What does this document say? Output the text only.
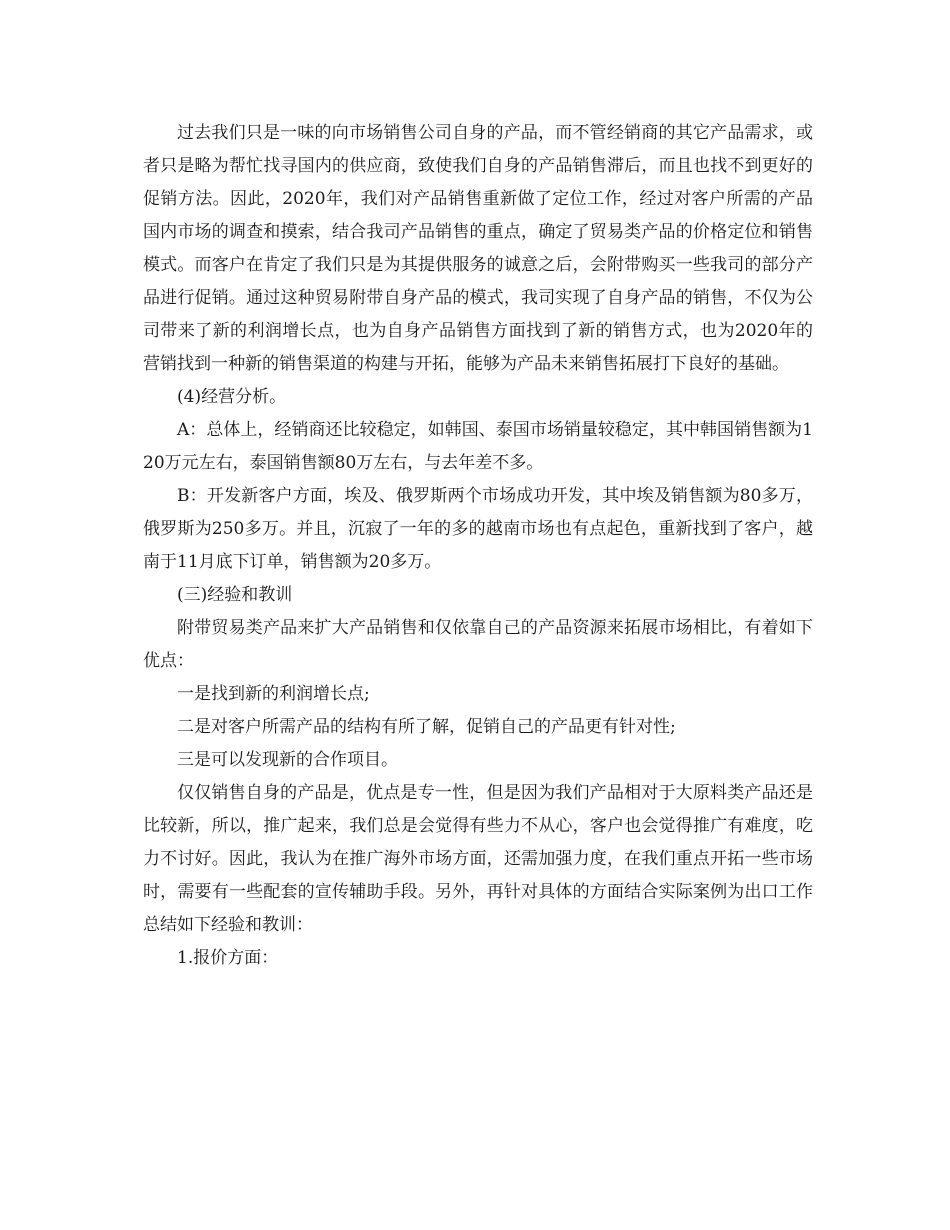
过去我们只是一味的向市场销售公司自身的产品，而不管经销商的其它产品需求，或者只是略为帮忙找寻国内的供应商，致使我们自身的产品销售滞后，而且也找不到更好的促销方法。因此，2020年，我们对产品销售重新做了定位工作，经过对客户所需的产品国内市场的调查和摸索，结合我司产品销售的重点，确定了贸易类产品的价格定位和销售模式。而客户在肯定了我们只是为其提供服务的诚意之后，会附带购买一些我司的部分产品进行促销。通过这种贸易附带自身产品的模式，我司实现了自身产品的销售，不仅为公司带来了新的利润增长点，也为自身产品销售方面找到了新的销售方式，也为2020年的营销找到一种新的销售渠道的构建与开拓，能够为产品未来销售拓展打下良好的基础。

(4)经营分析。

A：总体上，经销商还比较稳定，如韩国、泰国市场销量较稳定，其中韩国销售额为120万元左右，泰国销售额80万左右，与去年差不多。

B：开发新客户方面，埃及、俄罗斯两个市场成功开发，其中埃及销售额为80多万，俄罗斯为250多万。并且，沉寂了一年的多的越南市场也有点起色，重新找到了客户，越南于11月底下订单，销售额为20多万。

(三)经验和教训

附带贸易类产品来扩大产品销售和仅依靠自己的产品资源来拓展市场相比，有着如下优点：

一是找到新的利润增长点;

二是对客户所需产品的结构有所了解，促销自己的产品更有针对性;

三是可以发现新的合作项目。

仅仅销售自身的产品是，优点是专一性，但是因为我们产品相对于大原料类产品还是比较新，所以，推广起来，我们总是会觉得有些力不从心，客户也会觉得推广有难度，吃力不讨好。因此，我认为在推广海外市场方面，还需加强力度，在我们重点开拓一些市场时，需要有一些配套的宣传辅助手段。另外，再针对具体的方面结合实际案例为出口工作总结如下经验和教训：

1.报价方面：
